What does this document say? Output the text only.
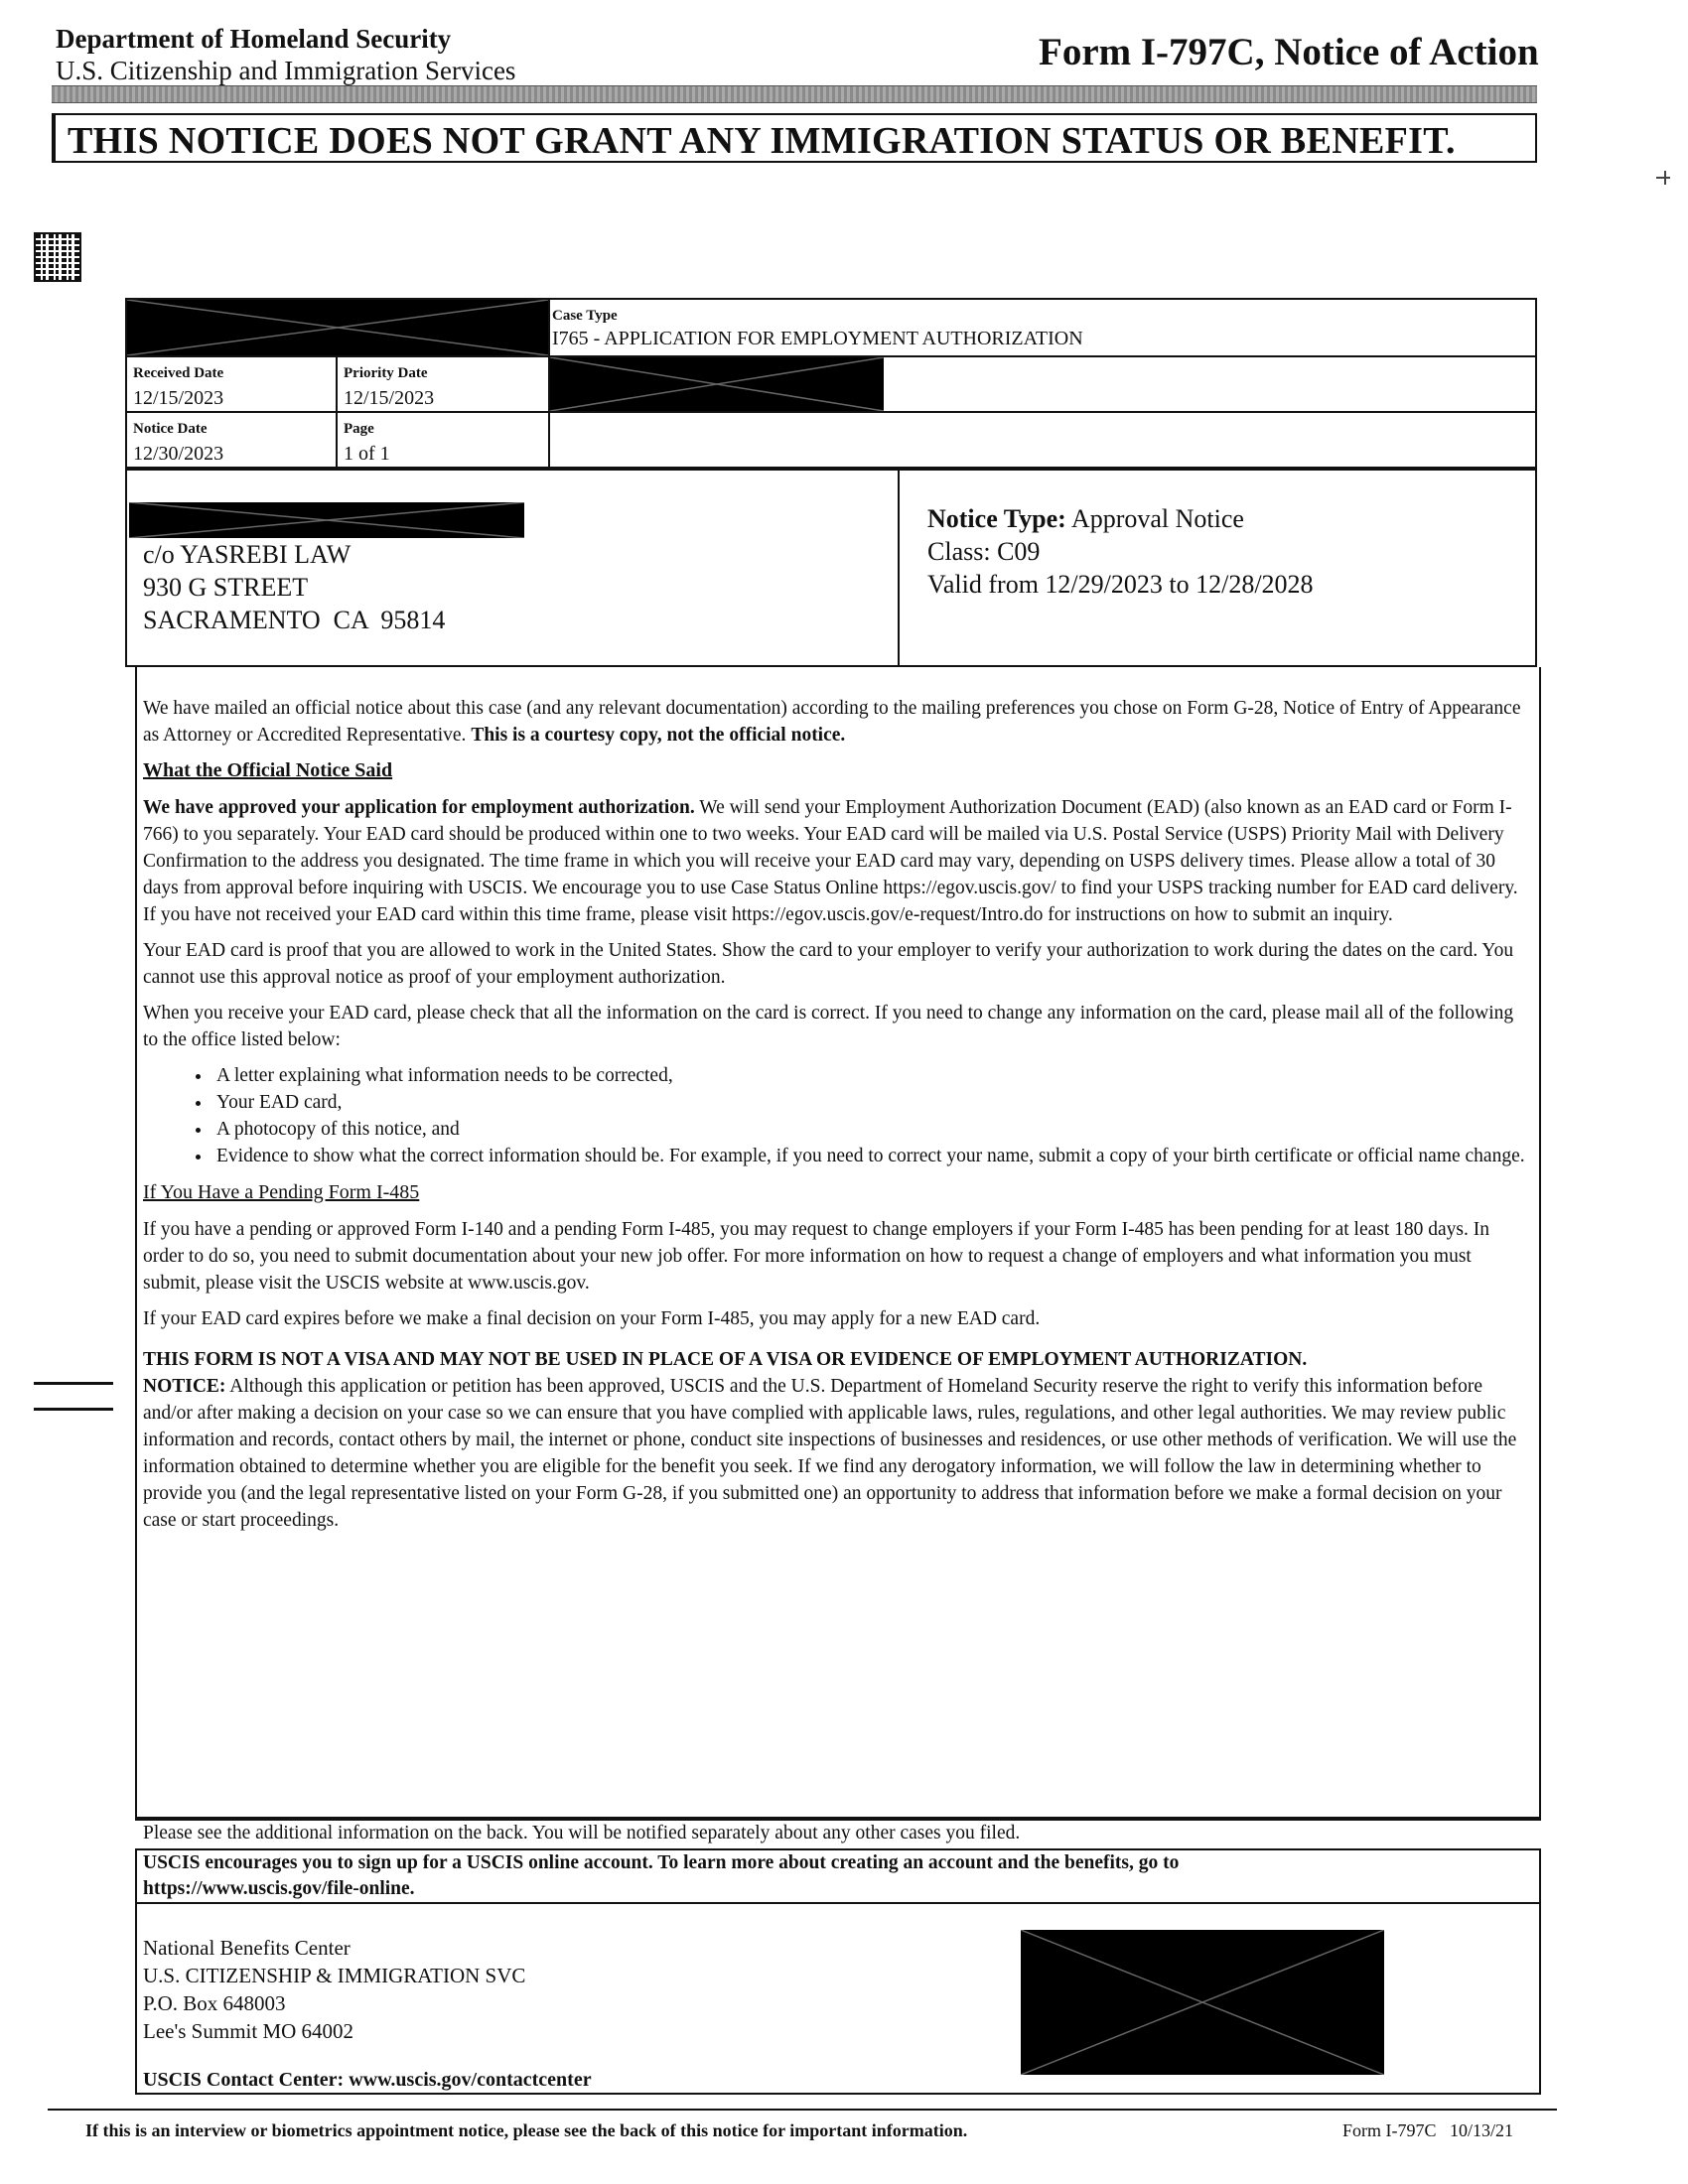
Department of Homeland Security
U.S. Citizenship and Immigration Services	Form I-797C, Notice of Action
THIS NOTICE DOES NOT GRANT ANY IMMIGRATION STATUS OR BENEFIT.
Case Type
I765 - APPLICATION FOR EMPLOYMENT AUTHORIZATION
Received Date
12/15/2023
Priority Date
12/15/2023
Notice Date
12/30/2023
Page
1 of 1
c/o YASREBI LAW
930 G STREET
SACRAMENTO  CA  95814
Notice Type: Approval Notice
Class: C09
Valid from 12/29/2023 to 12/28/2028

We have mailed an official notice about this case (and any relevant documentation) according to the mailing preferences you chose on Form G-28, Notice of Entry of Appearance as Attorney or Accredited Representative. This is a courtesy copy, not the official notice.

What the Official Notice Said

We have approved your application for employment authorization. We will send your Employment Authorization Document (EAD) (also known as an EAD card or Form I-766) to you separately. Your EAD card should be produced within one to two weeks. Your EAD card will be mailed via U.S. Postal Service (USPS) Priority Mail with Delivery Confirmation to the address you designated. The time frame in which you will receive your EAD card may vary, depending on USPS delivery times. Please allow a total of 30 days from approval before inquiring with USCIS. We encourage you to use Case Status Online https://egov.uscis.gov/ to find your USPS tracking number for EAD card delivery. If you have not received your EAD card within this time frame, please visit https://egov.uscis.gov/e-request/Intro.do for instructions on how to submit an inquiry.

Your EAD card is proof that you are allowed to work in the United States. Show the card to your employer to verify your authorization to work during the dates on the card. You cannot use this approval notice as proof of your employment authorization.

When you receive your EAD card, please check that all the information on the card is correct. If you need to change any information on the card, please mail all of the following to the office listed below:

• A letter explaining what information needs to be corrected,
• Your EAD card,
• A photocopy of this notice, and
• Evidence to show what the correct information should be. For example, if you need to correct your name, submit a copy of your birth certificate or official name change.
If You Have a Pending Form I-485

If you have a pending or approved Form I-140 and a pending Form I-485, you may request to change employers if your Form I-485 has been pending for at least 180 days. In order to do so, you need to submit documentation about your new job offer. For more information on how to request a change of employers and what information you must submit, please visit the USCIS website at www.uscis.gov.

If your EAD card expires before we make a final decision on your Form I-485, you may apply for a new EAD card.

THIS FORM IS NOT A VISA AND MAY NOT BE USED IN PLACE OF A VISA OR EVIDENCE OF EMPLOYMENT AUTHORIZATION.

NOTICE: Although this application or petition has been approved, USCIS and the U.S. Department of Homeland Security reserve the right to verify this information before and/or after making a decision on your case so we can ensure that you have complied with applicable laws, rules, regulations, and other legal authorities. We may review public information and records, contact others by mail, the internet or phone, conduct site inspections of businesses and residences, or use other methods of verification. We will use the information obtained to determine whether you are eligible for the benefit you seek. If we find any derogatory information, we will follow the law in determining whether to provide you (and the legal representative listed on your Form G-28, if you submitted one) an opportunity to address that information before we make a formal decision on your case or start proceedings.

Please see the additional information on the back. You will be notified separately about any other cases you filed.
USCIS encourages you to sign up for a USCIS online account. To learn more about creating an account and the benefits, go to https://www.uscis.gov/file-online.
National Benefits Center
U.S. CITIZENSHIP & IMMIGRATION SVC
P.O. Box 648003
Lee's Summit MO 64002
USCIS Contact Center: www.uscis.gov/contactcenter
If this is an interview or biometrics appointment notice, please see the back of this notice for important information.	Form I-797C   10/13/21
